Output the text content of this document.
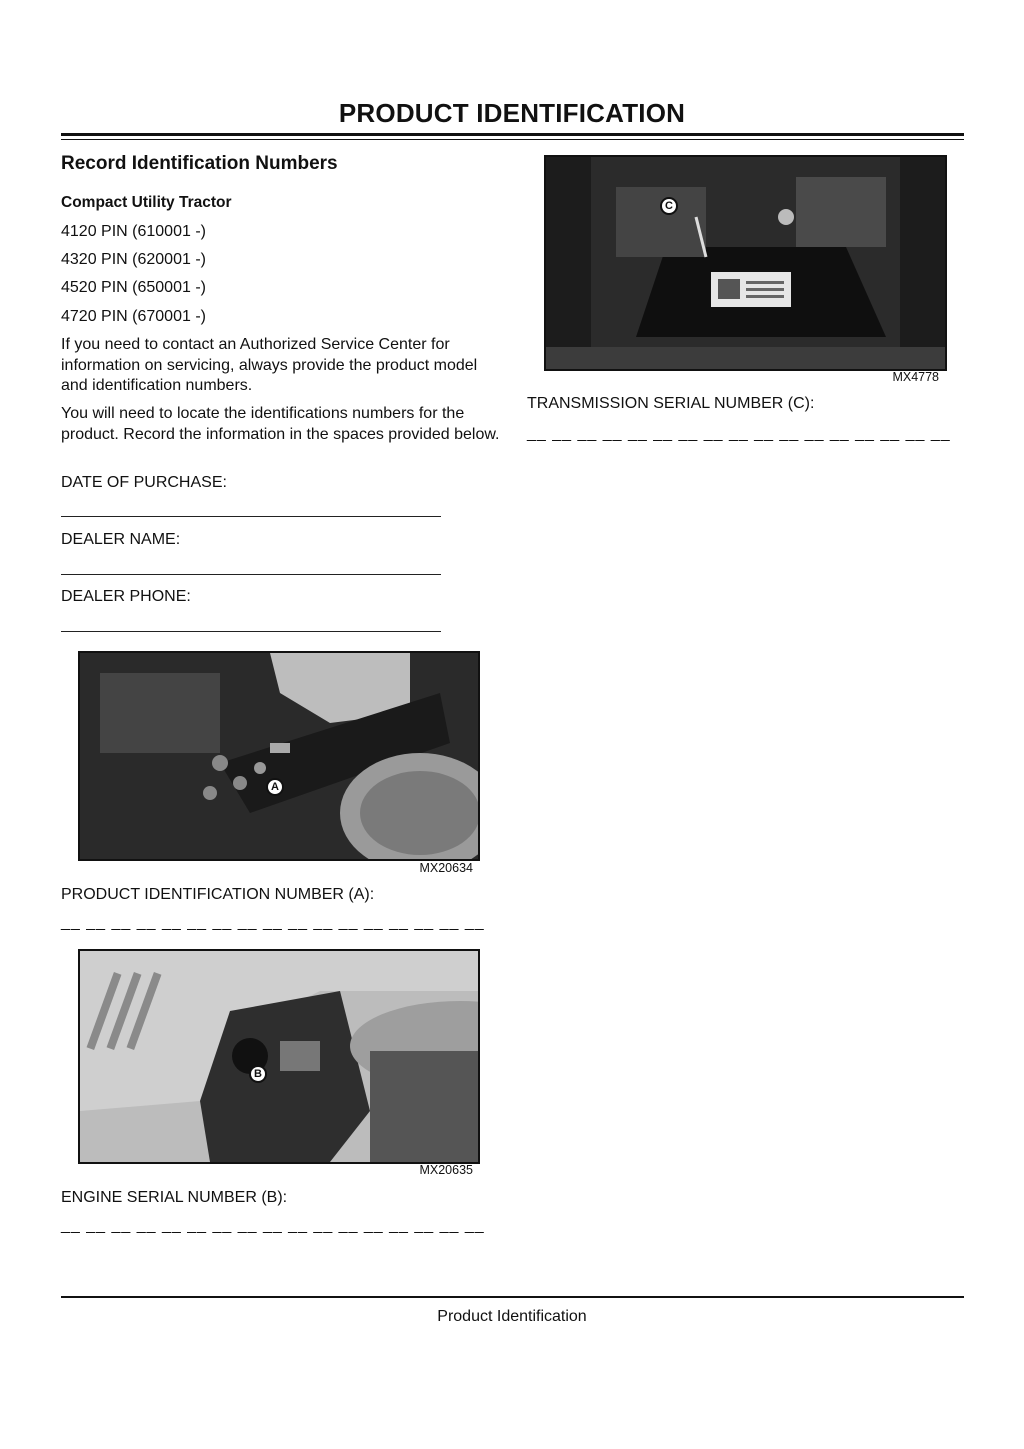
PRODUCT IDENTIFICATION
Record Identification Numbers
Compact Utility Tractor
4120 PIN (610001 -)
4320 PIN (620001 -)
4520 PIN (650001 -)
4720 PIN (670001 -)
If you need to contact an Authorized Service Center for information on servicing, always provide the product model and identification numbers.
You will need to locate the identifications numbers for the product. Record the information in the spaces provided below.
DATE OF PURCHASE:
DEALER NAME:
DEALER PHONE:
A
MX20634
PRODUCT IDENTIFICATION NUMBER (A):
__ __ __ __ __ __ __ __ __ __ __ __ __ __ __ __ __
B
MX20635
ENGINE SERIAL NUMBER (B):
__ __ __ __ __ __ __ __ __ __ __ __ __ __ __ __ __
C
MX4778
TRANSMISSION SERIAL NUMBER (C):
__ __ __ __ __ __ __ __ __ __ __ __ __ __ __ __ __
Product Identification
